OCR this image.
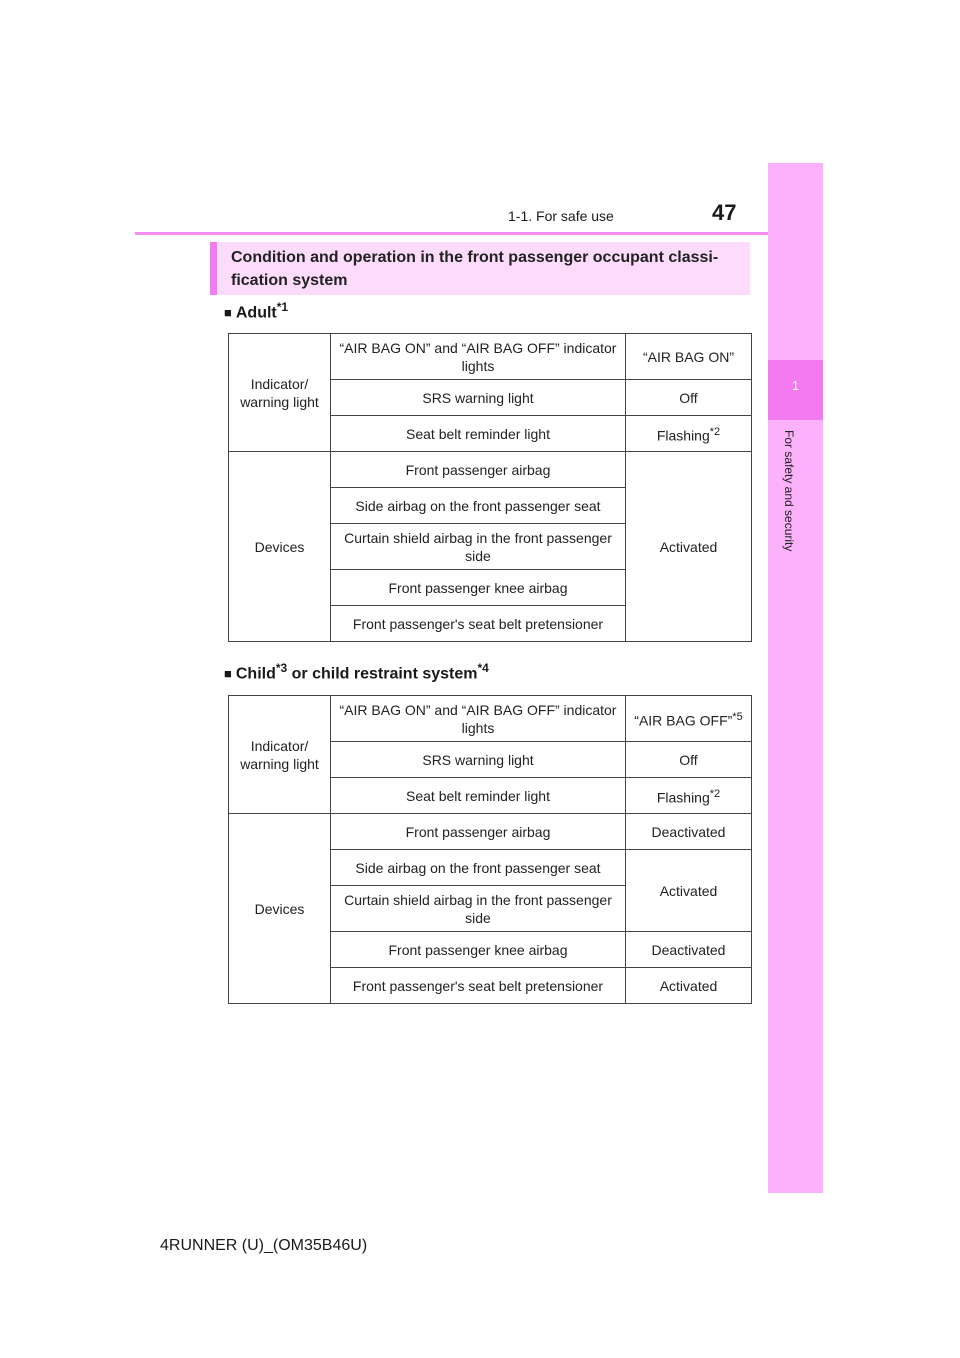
1-1. For safe use	47
1
For safety and security
Condition and operation in the front passenger occupant classi- fication system
■ Adult$^{*1}$
Indicator/ warning light	“AIR BAG ON” and “AIR BAG OFF” indicator lights	“AIR BAG ON”
	SRS warning light	Off
	Seat belt reminder light	Flashing$^{*2}$
Devices	Front passenger airbag	Activated
	Side airbag on the front passenger seat	
	Curtain shield airbag in the front passenger side	
	Front passenger knee airbag	
	Front passenger's seat belt pretensioner	
■ Child$^{*3}$ or child restraint system$^{*4}$
Indicator/ warning light	“AIR BAG ON” and “AIR BAG OFF” indicator lights	“AIR BAG OFF”$^{*5}$
	SRS warning light	Off
	Seat belt reminder light	Flashing$^{*2}$
Devices	Front passenger airbag	Deactivated
	Side airbag on the front passenger seat	Activated
	Curtain shield airbag in the front passenger side	
	Front passenger knee airbag	Deactivated
	Front passenger's seat belt pretensioner	Activated
4RUNNER (U)_(OM35B46U)
